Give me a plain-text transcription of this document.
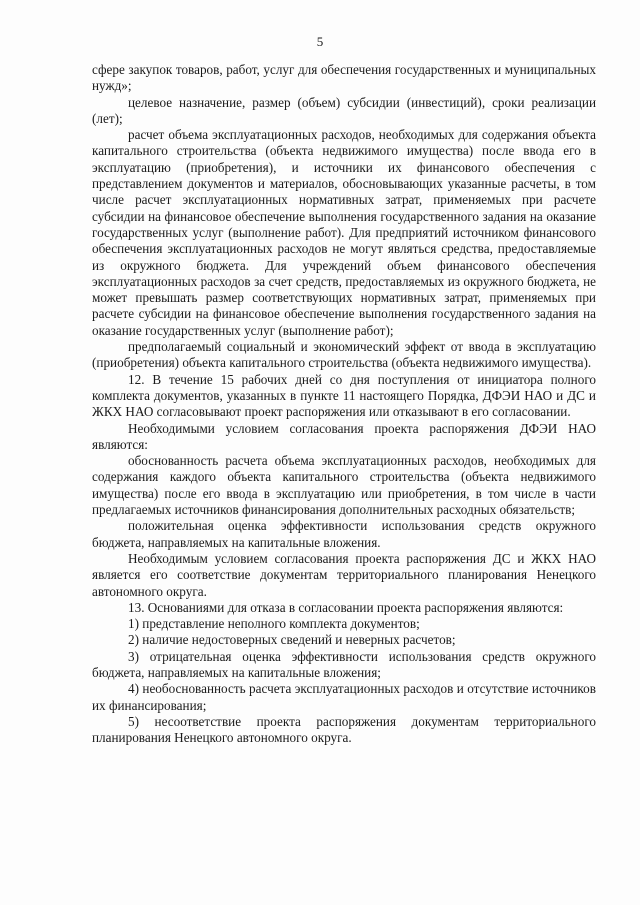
5

сфере закупок товаров, работ, услуг для обеспечения государственных и муниципальных нужд»;

целевое назначение, размер (объем) субсидии (инвестиций), сроки реализации (лет);

расчет объема эксплуатационных расходов, необходимых для содержания объекта капитального строительства (объекта недвижимого имущества) после ввода его в эксплуатацию (приобретения), и источники их финансового обеспечения с представлением документов и материалов, обосновывающих указанные расчеты, в том числе расчет эксплуатационных нормативных затрат, применяемых при расчете субсидии на финансовое обеспечение выполнения государственного задания на оказание государственных услуг (выполнение работ). Для предприятий источником финансового обеспечения эксплуатационных расходов не могут являться средства, предоставляемые из окружного бюджета. Для учреждений объем финансового обеспечения эксплуатационных расходов за счет средств, предоставляемых из окружного бюджета, не может превышать размер соответствующих нормативных затрат, применяемых при расчете субсидии на финансовое обеспечение выполнения государственного задания на оказание государственных услуг (выполнение работ);

предполагаемый социальный и экономический эффект от ввода в эксплуатацию (приобретения) объекта капитального строительства (объекта недвижимого имущества).

12. В течение 15 рабочих дней со дня поступления от инициатора полного комплекта документов, указанных в пункте 11 настоящего Порядка, ДФЭИ НАО и ДС и ЖКХ НАО согласовывают проект распоряжения или отказывают в его согласовании.

Необходимыми условием согласования проекта распоряжения ДФЭИ НАО являются:

обоснованность расчета объема эксплуатационных расходов, необходимых для содержания каждого объекта капитального строительства (объекта недвижимого имущества) после его ввода в эксплуатацию или приобретения, в том числе в части предлагаемых источников финансирования дополнительных расходных обязательств;

положительная оценка эффективности использования средств окружного бюджета, направляемых на капитальные вложения.

Необходимым условием согласования проекта распоряжения ДС и ЖКХ НАО является его соответствие документам территориального планирования Ненецкого автономного округа.

13. Основаниями для отказа в согласовании проекта распоряжения являются:

1) представление неполного комплекта документов;

2) наличие недостоверных сведений и неверных расчетов;

3) отрицательная оценка эффективности использования средств окружного бюджета, направляемых на капитальные вложения;

4) необоснованность расчета эксплуатационных расходов и отсутствие источников их финансирования;

5) несоответствие проекта распоряжения документам территориального планирования Ненецкого автономного округа.
